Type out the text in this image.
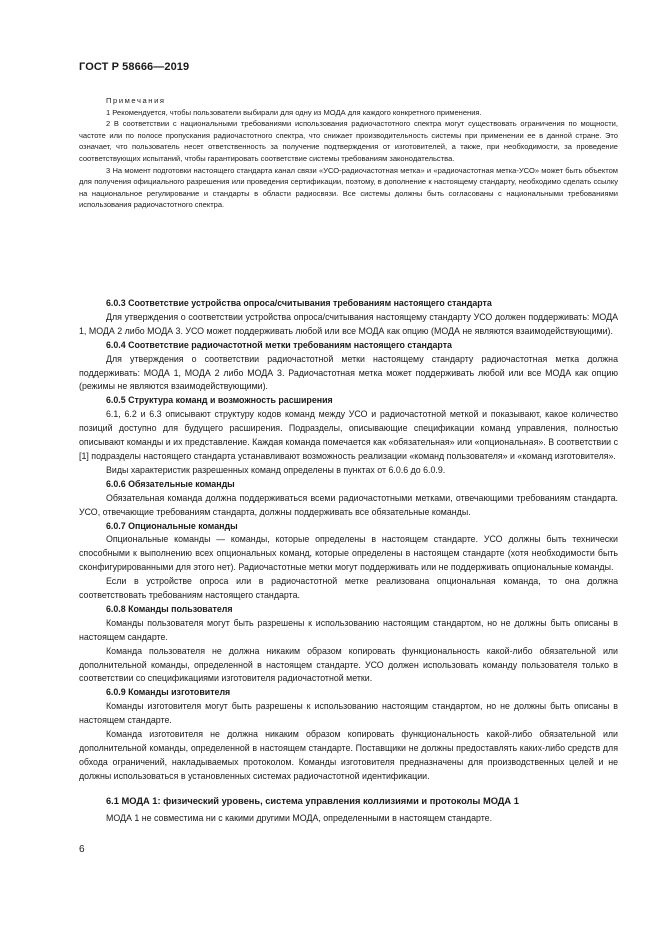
ГОСТ Р 58666—2019
Примечания

1 Рекомендуется, чтобы пользователи выбирали для одну из МОДА для каждого конкретного применения.

2 В соответствии с национальными требованиями использования радиочастотного спектра могут существовать ограничения по мощности, частоте или по полосе пропускания радиочастотного спектра, что снижает производительность системы при применении ее в данной стране. Это означает, что пользователь несет ответственность за получение подтверждения от изготовителей, а также, при необходимости, за проведение соответствующих испытаний, чтобы гарантировать соответствие системы требованиям законодательства.

3 На момент подготовки настоящего стандарта канал связи «УСО-радиочастотная метка» и «радиочастотная метка-УСО» может быть объектом для получения официального разрешения или проведения сертификации, поэтому, в дополнение к настоящему стандарту, необходимо сделать ссылку на национальное регулирование и стандарты в области радиосвязи. Все системы должны быть согласованы с национальными требованиями использования радиочастотного спектра.

6.0.3 Соответствие устройства опроса/считывания требованиям настоящего стандарта

Для утверждения о соответствии устройства опроса/считывания настоящему стандарту УСО должен поддерживать: МОДА 1, МОДА 2 либо МОДА 3. УСО может поддерживать любой или все МОДА как опцию (МОДА не являются взаимодействующими).

6.0.4 Соответствие радиочастотной метки требованиям настоящего стандарта

Для утверждения о соответствии радиочастотной метки настоящему стандарту радиочастотная метка должна поддерживать: МОДА 1, МОДА 2 либо МОДА 3. Радиочастотная метка может поддерживать любой или все МОДА как опцию (режимы не являются взаимодействующими).

6.0.5 Структура команд и возможность расширения

6.1, 6.2 и 6.3 описывают структуру кодов команд между УСО и радиочастотной меткой и показывают, какое количество позиций доступно для будущего расширения. Подразделы, описывающие спецификации команд управления, полностью описывают команды и их представление. Каждая команда помечается как «обязательная» или «опциональная». В соответствии с [1] подразделы настоящего стандарта устанавливают возможность реализации «команд пользователя» и «команд изготовителя».

Виды характеристик разрешенных команд определены в пунктах от 6.0.6 до 6.0.9.

6.0.6 Обязательные команды

Обязательная команда должна поддерживаться всеми радиочастотными метками, отвечающими требованиям стандарта. УСО, отвечающие требованиям стандарта, должны поддерживать все обязательные команды.

6.0.7 Опциональные команды

Опциональные команды — команды, которые определены в настоящем стандарте. УСО должны быть технически способными к выполнению всех опциональных команд, которые определены в настоящем стандарте (хотя необходимости быть сконфигурированными для этого нет). Радиочастотные метки могут поддерживать или не поддерживать опциональные команды.

Если в устройстве опроса или в радиочастотной метке реализована опциональная команда, то она должна соответствовать требованиям настоящего стандарта.

6.0.8 Команды пользователя

Команды пользователя могут быть разрешены к использованию настоящим стандартом, но не должны быть описаны в настоящем сандарте.

Команда пользователя не должна никаким образом копировать функциональность какой-либо обязательной или дополнительной команды, определенной в настоящем стандарте. УСО должен использовать команду пользователя только в соответствии со спецификациями изготовителя радиочастотной метки.

6.0.9 Команды изготовителя

Команды изготовителя могут быть разрешены к использованию настоящим стандартом, но не должны быть описаны в настоящем стандарте.

Команда изготовителя не должна никаким образом копировать функциональность какой-либо обязательной или дополнительной команды, определенной в настоящем стандарте. Поставщики не должны предоставлять каких-либо средств для обхода ограничений, накладываемых протоколом. Команды изготовителя предназначены для производственных целей и не должны использоваться в установленных системах радиочастотной идентификации.

6.1 МОДА 1: физический уровень, система управления коллизиями и протоколы МОДА 1

МОДА 1 не совместима ни с какими другими МОДА, определенными в настоящем стандарте.

6
